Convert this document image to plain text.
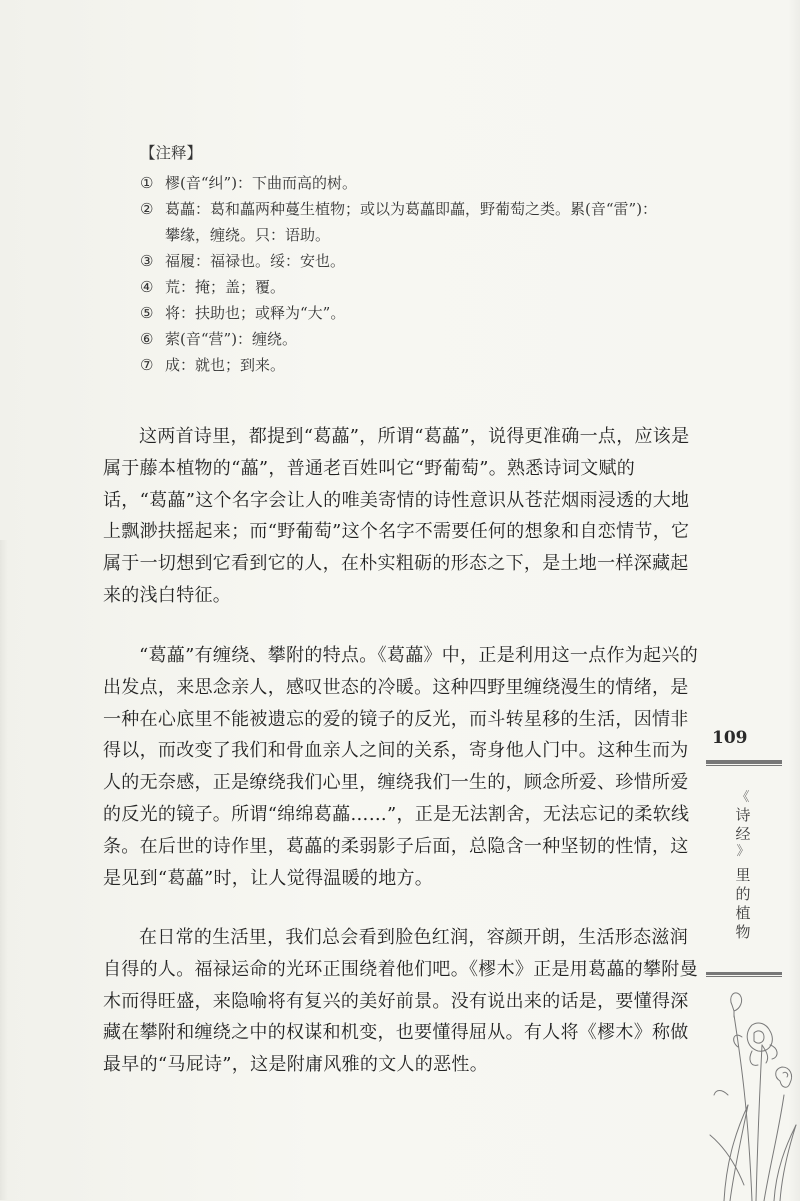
【注释】
① 樛(音“纠”)：下曲而高的树。
② 葛藟：葛和藟两种蔓生植物；或以为葛藟即藟，野葡萄之类。累(音“雷”)：
攀缘，缠绕。只：语助。
③ 福履：福禄也。绥：安也。
④ 荒：掩；盖；覆。
⑤ 将：扶助也；或释为“大”。
⑥ 萦(音“营”)：缠绕。
⑦ 成：就也；到来。

这两首诗里，都提到“葛藟”，所谓“葛藟”，说得更准确一点，应该是属于藤本植物的“藟”，普通老百姓叫它“野葡萄”。熟悉诗词文赋的话，“葛藟”这个名字会让人的唯美寄情的诗性意识从苍茫烟雨浸透的大地上飘渺扶摇起来；而“野葡萄”这个名字不需要任何的想象和自恋情节，它属于一切想到它看到它的人，在朴实粗砺的形态之下，是土地一样深藏起来的浅白特征。

“葛藟”有缠绕、攀附的特点。《葛藟》中，正是利用这一点作为起兴的出发点，来思念亲人，感叹世态的冷暖。这种四野里缠绕漫生的情绪，是一种在心底里不能被遗忘的爱的镜子的反光，而斗转星移的生活，因情非得以，而改变了我们和骨血亲人之间的关系，寄身他人门中。这种生而为人的无奈感，正是缭绕我们心里，缠绕我们一生的，顾念所爱、珍惜所爱的反光的镜子。所谓“绵绵葛藟……”，正是无法割舍，无法忘记的柔软线条。在后世的诗作里，葛藟的柔弱影子后面，总隐含一种坚韧的性情，这是见到“葛藟”时，让人觉得温暖的地方。

在日常的生活里，我们总会看到脸色红润，容颜开朗，生活形态滋润自得的人。福禄运命的光环正围绕着他们吧。《樛木》正是用葛藟的攀附曼木而得旺盛，来隐喻将有复兴的美好前景。没有说出来的话是，要懂得深藏在攀附和缠绕之中的权谋和机变，也要懂得屈从。有人将《樛木》称做最早的“马屁诗”，这是附庸风雅的文人的恶性。

109
《
诗
经
》
里
的
植
物
